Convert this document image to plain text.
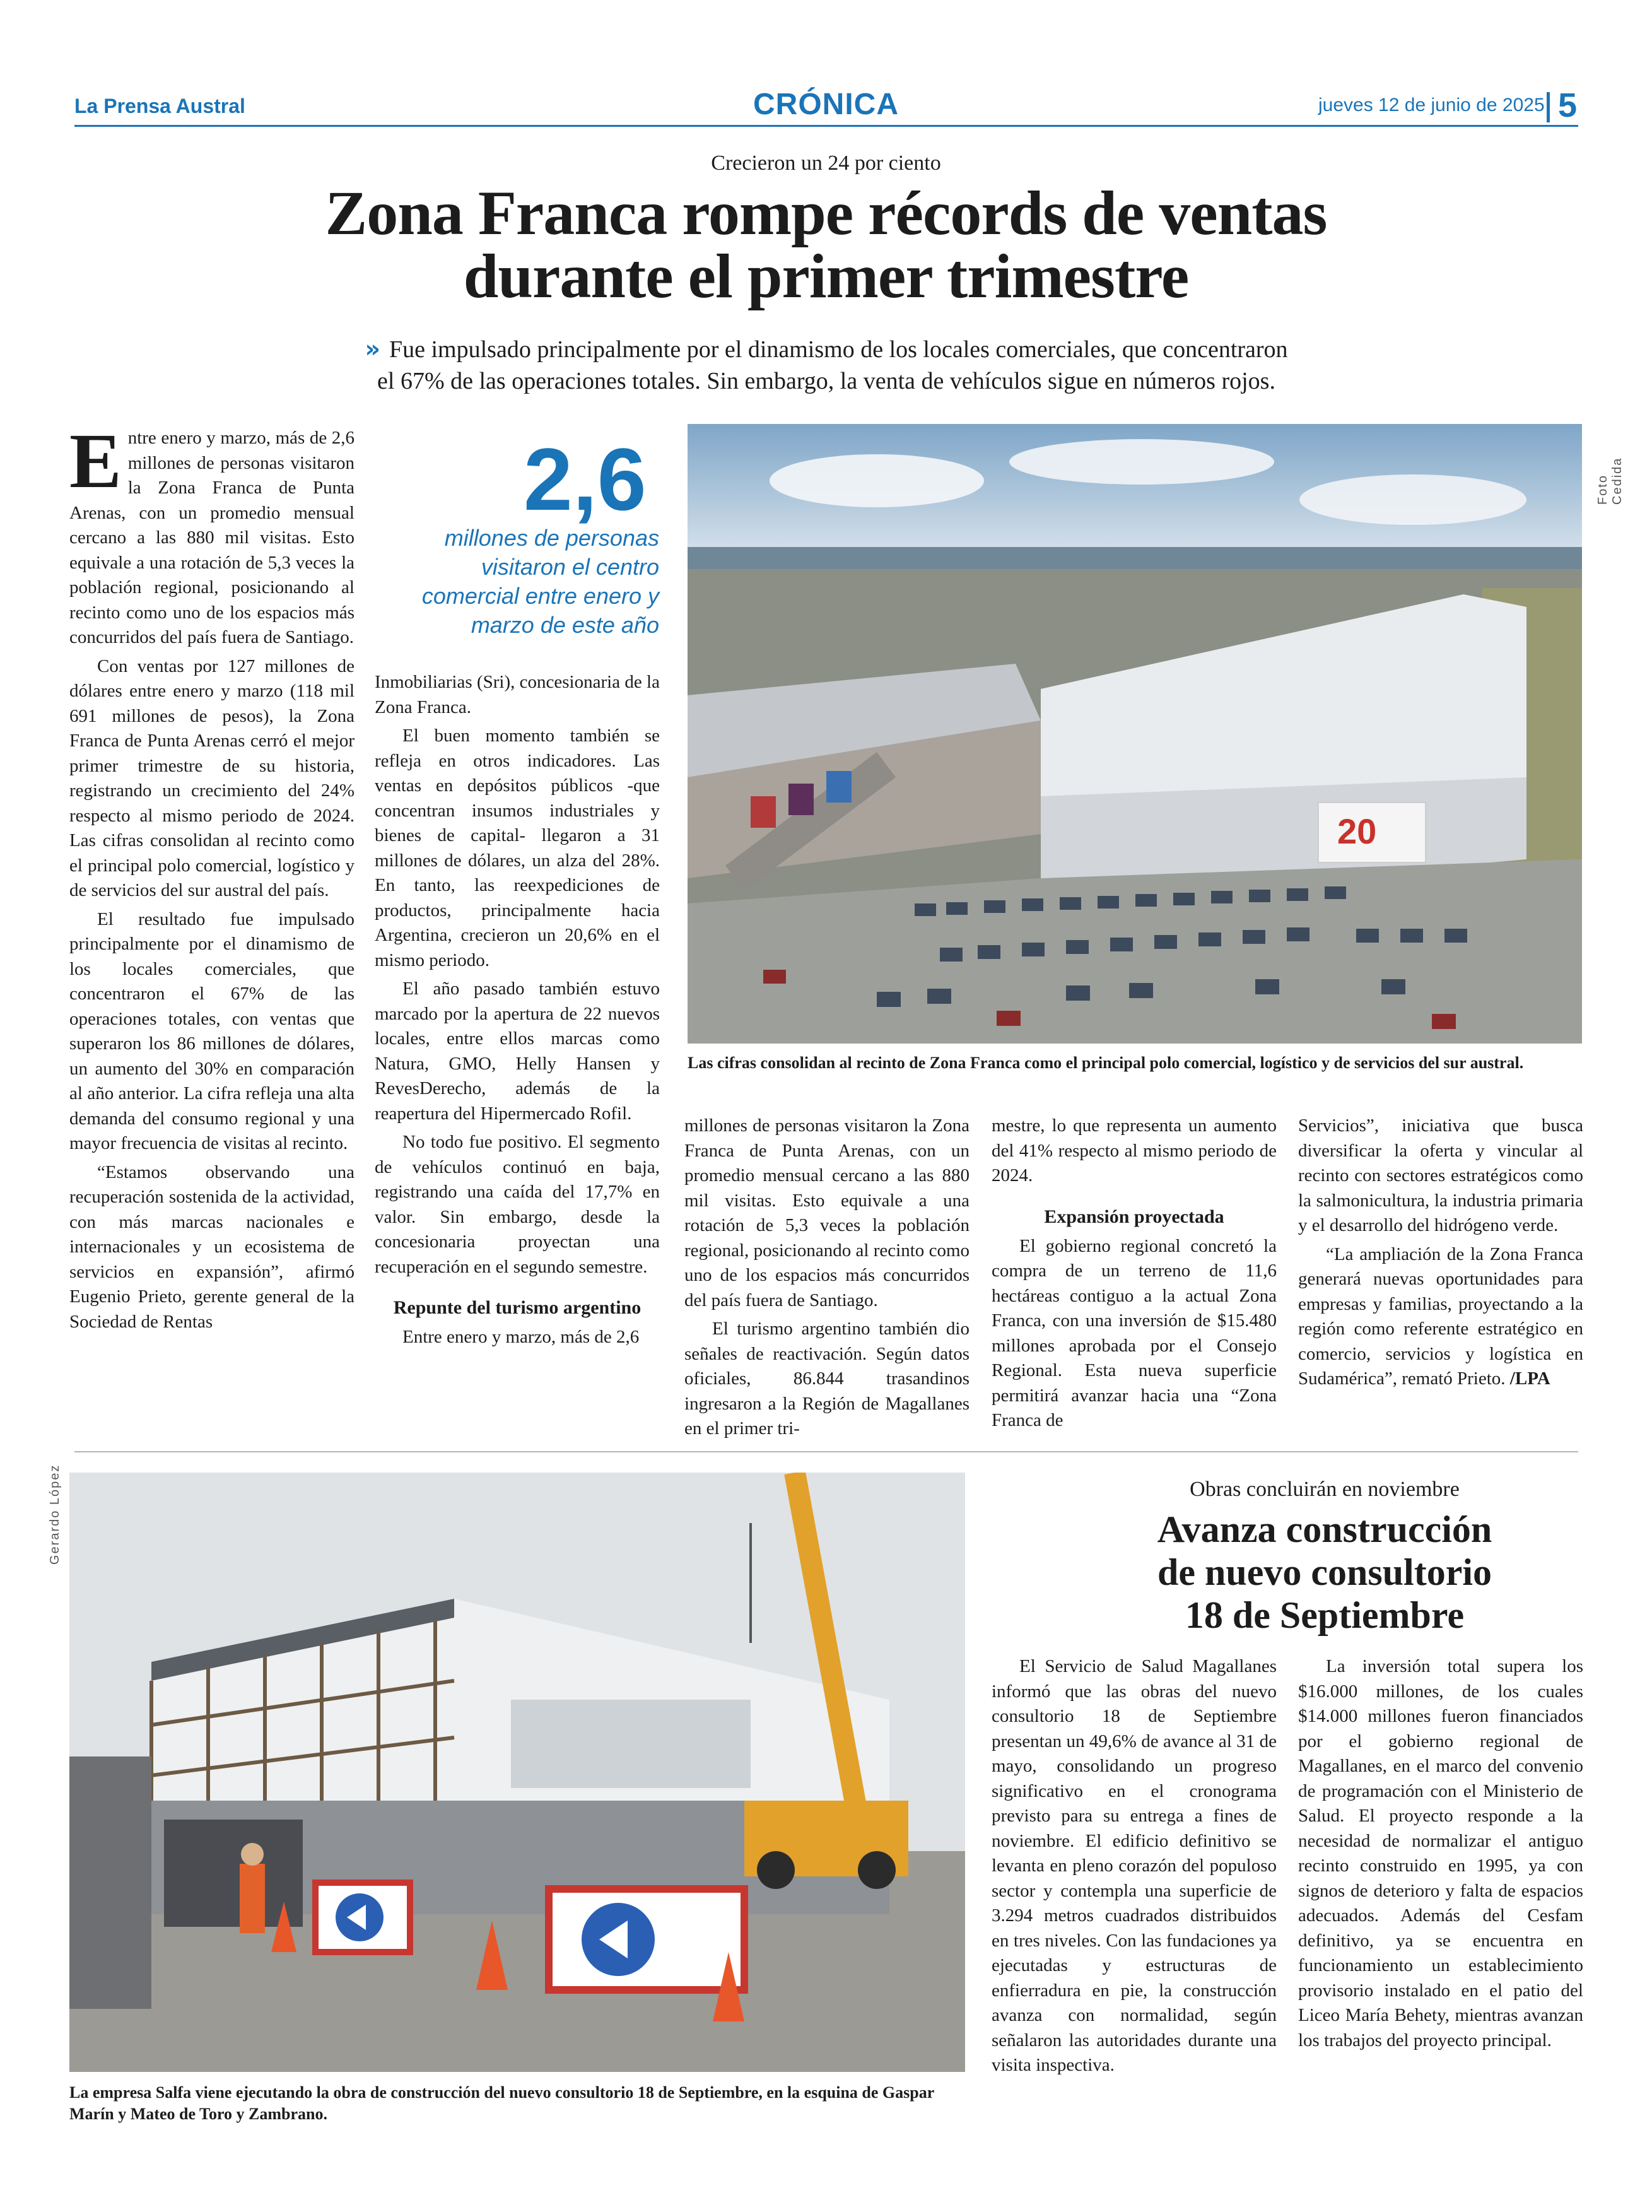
La Prensa Austral	CRÓNICA	jueves 12 de junio de 2025 5
Crecieron un 24 por ciento
Zona Franca rompe récords de ventas
durante el primer trimestre
» Fue impulsado principalmente por el dinamismo de los locales comerciales, que concentraron
el 67% de las operaciones totales. Sin embargo, la venta de vehículos sigue en números rojos.

Entre enero y marzo, más de 2,6 millones de personas visitaron la Zona Franca de Punta Arenas, con un promedio mensual cercano a las 880 mil visitas. Esto equivale a una rotación de 5,3 veces la población regional, posicionando al recinto como uno de los espacios más concurridos del país fuera de Santiago.

Con ventas por 127 millones de dólares entre enero y marzo (118 mil 691 millones de pesos), la Zona Franca de Punta Arenas cerró el mejor primer trimestre de su historia, registrando un crecimiento del 24% respecto al mismo periodo de 2024. Las cifras consolidan al recinto como el principal polo comercial, logístico y de servicios del sur austral del país.

El resultado fue impulsado principalmente por el dinamismo de los locales comerciales, que concentraron el 67% de las operaciones totales, con ventas que superaron los 86 millones de dólares, un aumento del 30% en comparación al año anterior. La cifra refleja una alta demanda del consumo regional y una mayor frecuencia de visitas al recinto.

“Estamos observando una recuperación sostenida de la actividad, con más marcas nacionales e internacionales y un ecosistema de servicios en expansión”, afirmó Eugenio Prieto, gerente general de la Sociedad de Rentas

2,6
millones de personas visitaron el centro comercial entre enero y marzo de este año

Inmobiliarias (Sri), concesionaria de la Zona Franca.

El buen momento también se refleja en otros indicadores. Las ventas en depósitos públicos -que concentran insumos industriales y bienes de capital- llegaron a 31 millones de dólares, un alza del 28%. En tanto, las reexpediciones de productos, principalmente hacia Argentina, crecieron un 20,6% en el mismo periodo.

El año pasado también estuvo marcado por la apertura de 22 nuevos locales, entre ellos marcas como Natura, GMO, Helly Hansen y RevesDerecho, además de la reapertura del Hipermercado Rofil.

No todo fue positivo. El segmento de vehículos continuó en baja, registrando una caída del 17,7% en valor. Sin embargo, desde la concesionaria proyectan una recuperación en el segundo semestre.

Repunte del turismo argentino

Entre enero y marzo, más de 2,6

20
Foto Cedida
Las cifras consolidan al recinto de Zona Franca como el principal polo comercial, logístico y de servicios del sur austral.

millones de personas visitaron la Zona Franca de Punta Arenas, con un promedio mensual cercano a las 880 mil visitas. Esto equivale a una rotación de 5,3 veces la población regional, posicionando al recinto como uno de los espacios más concurridos del país fuera de Santiago.

El turismo argentino también dio señales de reactivación. Según datos oficiales, 86.844 trasandinos ingresaron a la Región de Magallanes en el primer tri-

mestre, lo que representa un aumento del 41% respecto al mismo periodo de 2024.

Expansión proyectada

El gobierno regional concretó la compra de un terreno de 11,6 hectáreas contiguo a la actual Zona Franca, con una inversión de $15.480 millones aprobada por el Consejo Regional. Esta nueva superficie permitirá avanzar hacia una “Zona Franca de

Servicios”, iniciativa que busca diversificar la oferta y vincular al recinto con sectores estratégicos como la salmonicultura, la industria primaria y el desarrollo del hidrógeno verde.

“La ampliación de la Zona Franca generará nuevas oportunidades para empresas y familias, proyectando a la región como referente estratégico en comercio, servicios y logística en Sudamérica”, remató Prieto. /LPA

Gerardo López
La empresa Salfa viene ejecutando la obra de construcción del nuevo consultorio 18 de Septiembre, en la esquina de Gaspar Marín y Mateo de Toro y Zambrano.
Obras concluirán en noviembre
Avanza construcción
de nuevo consultorio
18 de Septiembre

El Servicio de Salud Magallanes informó que las obras del nuevo consultorio 18 de Septiembre presentan un 49,6% de avance al 31 de mayo, consolidando un progreso significativo en el cronograma previsto para su entrega a fines de noviembre. El edificio definitivo se levanta en pleno corazón del populoso sector y contempla una superficie de 3.294 metros cuadrados distribuidos en tres niveles. Con las fundaciones ya ejecutadas y estructuras de enfierradura en pie, la construcción avanza con normalidad, según señalaron las autoridades durante una visita inspectiva.

La inversión total supera los $16.000 millones, de los cuales $14.000 millones fueron financiados por el gobierno regional de Magallanes, en el marco del convenio de programación con el Ministerio de Salud. El proyecto responde a la necesidad de normalizar el antiguo recinto construido en 1995, ya con signos de deterioro y falta de espacios adecuados. Además del Cesfam definitivo, ya se encuentra en funcionamiento un establecimiento provisorio instalado en el patio del Liceo María Behety, mientras avanzan los trabajos del proyecto principal.
